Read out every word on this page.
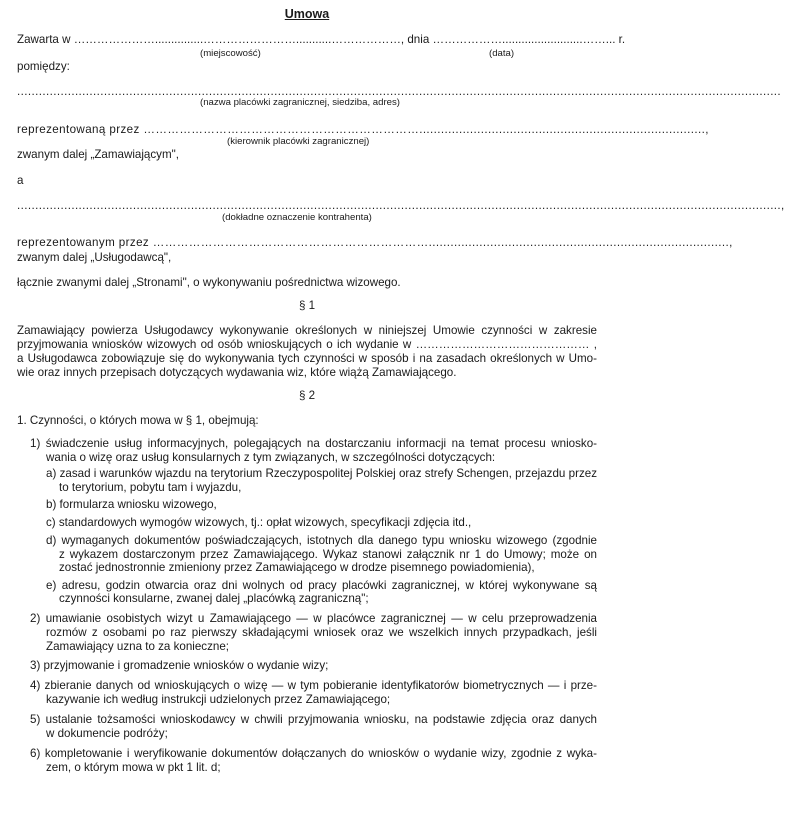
Umowa
Zawarta w …………………...............……………………...........………………, dnia ……………….........................……... r.
(miejscowość)	(data)
pomiędzy:
...................................................................................................................................................................................................................
(nazwa placówki zagranicznej, siedziba, adres)
reprezentowaną przez ……………………………………………………………...............................................................................,
(kierownik placówki zagranicznej)
zwanym dalej „Zamawiającym",
a
...................................................................................................................................................................................................................,
(dokładne oznaczenie kontrahenta)
reprezentowanym przez ……………………………………………………………...................................................................................,
zwanym dalej „Usługodawcą",
łącznie zwanymi dalej „Stronami", o wykonywaniu pośrednictwa wizowego.
§ 1
Zamawiający powierza Usługodawcy wykonywanie określonych w niniejszej Umowie czynności w zakresie
przyjmowania wniosków wizowych od osób wnioskujących o ich wydanie w ……………………………………… ,
a Usługodawca zobowiązuje się do wykonywania tych czynności w sposób i na zasadach określonych w Umo-
wie oraz innych przepisach dotyczących wydawania wiz, które wiążą Zamawiającego.
§ 2
1. Czynności, o których mowa w § 1, obejmują:
1) świadczenie usług informacyjnych, polegających na dostarczaniu informacji na temat procesu wniosko-
wania o wizę oraz usług konsularnych z tym związanych, w szczególności dotyczących:
a) zasad i warunków wjazdu na terytorium Rzeczypospolitej Polskiej oraz strefy Schengen, przejazdu przez
to terytorium, pobytu tam i wyjazdu,
b) formularza wniosku wizowego,
c) standardowych wymogów wizowych, tj.: opłat wizowych, specyfikacji zdjęcia itd.,
d) wymaganych dokumentów poświadczających, istotnych dla danego typu wniosku wizowego (zgodnie
z wykazem dostarczonym przez Zamawiającego. Wykaz stanowi załącznik nr 1 do Umowy; może on
zostać jednostronnie zmieniony przez Zamawiającego w drodze pisemnego powiadomienia),
e) adresu, godzin otwarcia oraz dni wolnych od pracy placówki zagranicznej, w której wykonywane są
czynności konsularne, zwanej dalej „placówką zagraniczną";
2) umawianie osobistych wizyt u Zamawiającego — w placówce zagranicznej — w celu przeprowadzenia
rozmów z osobami po raz pierwszy składającymi wniosek oraz we wszelkich innych przypadkach, jeśli
Zamawiający uzna to za konieczne;
3) przyjmowanie i gromadzenie wniosków o wydanie wizy;
4) zbieranie danych od wnioskujących o wizę — w tym pobieranie identyfikatorów biometrycznych — i prze-
kazywanie ich według instrukcji udzielonych przez Zamawiającego;
5) ustalanie tożsamości wnioskodawcy w chwili przyjmowania wniosku, na podstawie zdjęcia oraz danych
w dokumencie podróży;
6) kompletowanie i weryfikowanie dokumentów dołączanych do wniosków o wydanie wizy, zgodnie z wyka-
zem, o którym mowa w pkt 1 lit. d;
